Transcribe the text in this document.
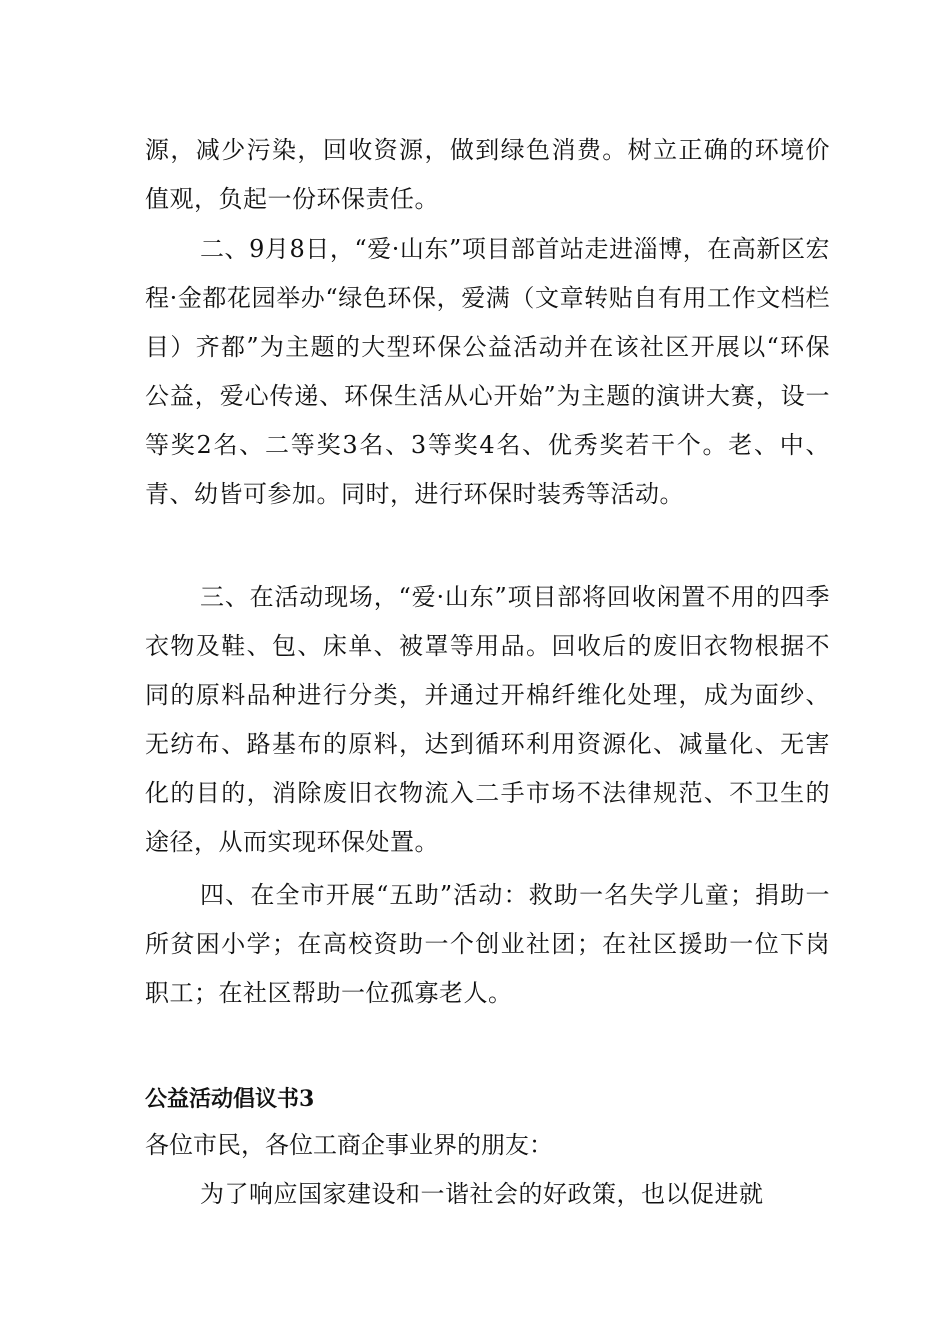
源，减少污染，回收资源，做到绿色消费。树立正确的环境价值观，负起一份环保责任。

二、9月8日，“爱·山东”项目部首站走进淄博，在高新区宏程·金都花园举办“绿色环保，爱满（文章转贴自有用工作文档栏目）齐都”为主题的大型环保公益活动并在该社区开展以“环保公益，爱心传递、环保生活从心开始”为主题的演讲大赛，设一等奖2名、二等奖3名、3等奖4名、优秀奖若干个。老、中、青、幼皆可参加。同时，进行环保时装秀等活动。

三、在活动现场，“爱·山东”项目部将回收闲置不用的四季衣物及鞋、包、床单、被罩等用品。回收后的废旧衣物根据不同的原料品种进行分类，并通过开棉纤维化处理，成为面纱、无纺布、路基布的原料，达到循环利用资源化、减量化、无害化的目的，消除废旧衣物流入二手市场不法律规范、不卫生的途径，从而实现环保处置。

四、在全市开展“五助”活动：救助一名失学儿童；捐助一所贫困小学；在高校资助一个创业社团；在社区援助一位下岗职工；在社区帮助一位孤寡老人。

公益活动倡议书3

各位市民，各位工商企事业界的朋友：

为了响应国家建设和一谐社会的好政策，也以促进就
